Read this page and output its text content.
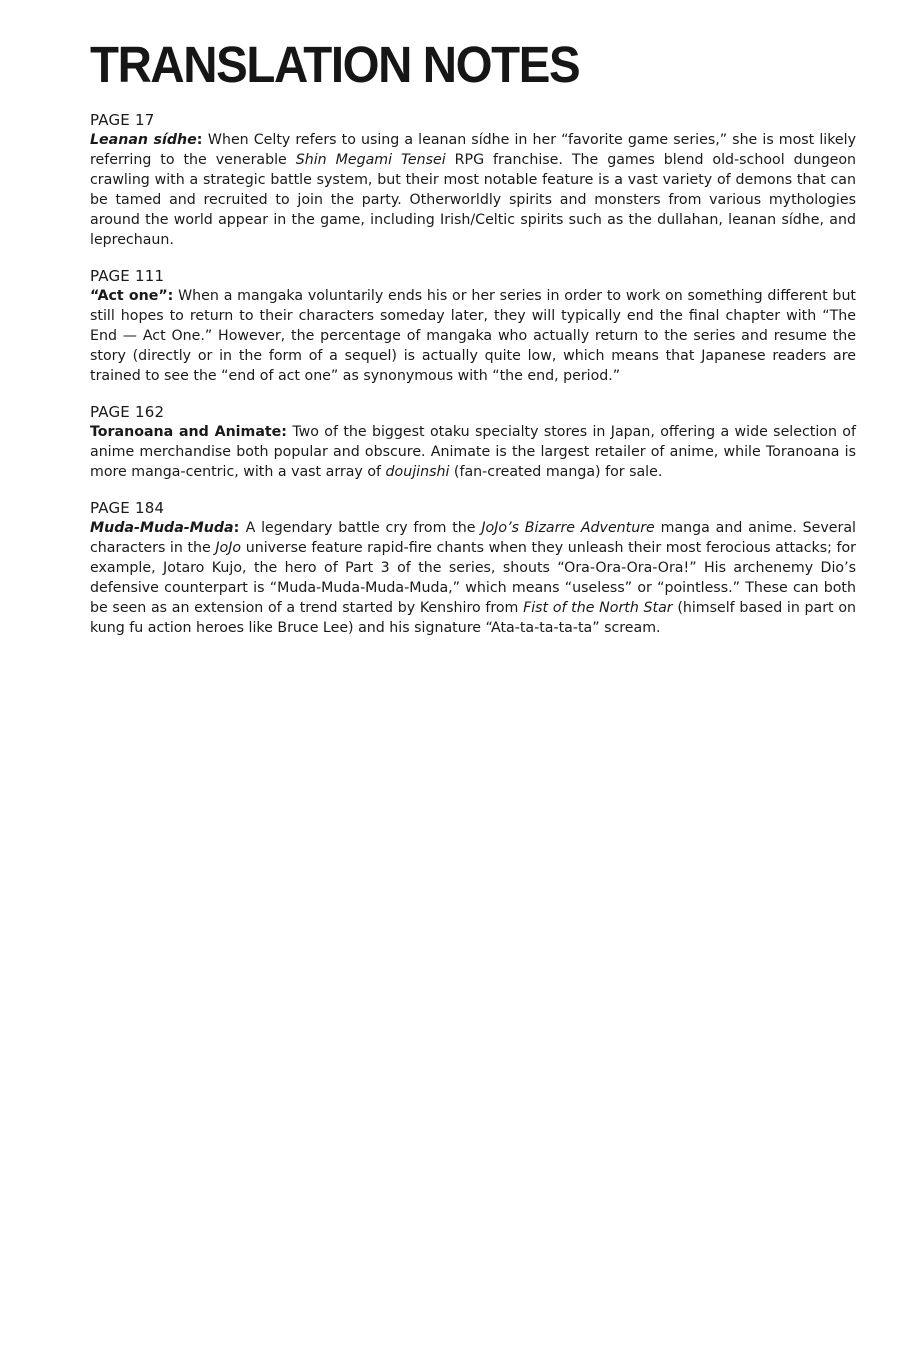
TRANSLATION NOTES
PAGE 17

Leanan sídhe: When Celty refers to using a leanan sídhe in her “favorite game series,” she is most likely referring to the venerable Shin Megami Tensei RPG franchise. The games blend old-school dungeon crawling with a strategic battle system, but their most notable feature is a vast variety of demons that can be tamed and recruited to join the party. Otherworldly spirits and monsters from various mythologies around the world appear in the game, including Irish/Celtic spirits such as the dullahan, leanan sídhe, and leprechaun.

PAGE 111

“Act one”: When a mangaka voluntarily ends his or her series in order to work on something different but still hopes to return to their characters someday later, they will typically end the final chapter with “The End — Act One.” However, the percentage of mangaka who actually return to the series and resume the story (directly or in the form of a sequel) is actually quite low, which means that Japanese readers are trained to see the “end of act one” as synonymous with “the end, period.”

PAGE 162

Toranoana and Animate: Two of the biggest otaku specialty stores in Japan, offering a wide selection of anime merchandise both popular and obscure. Animate is the largest retailer of anime, while Toranoana is more manga-centric, with a vast array of doujinshi (fan-created manga) for sale.

PAGE 184

Muda-Muda-Muda: A legendary battle cry from the JoJo’s Bizarre Adventure manga and anime. Several characters in the JoJo universe feature rapid-fire chants when they unleash their most ferocious attacks; for example, Jotaro Kujo, the hero of Part 3 of the series, shouts “Ora-Ora-Ora-Ora!” His archenemy Dio’s defensive counterpart is “Muda-Muda-Muda-Muda,” which means “useless” or “pointless.” These can both be seen as an extension of a trend started by Kenshiro from Fist of the North Star (himself based in part on kung fu action heroes like Bruce Lee) and his signature “Ata-ta-ta-ta-ta” scream.
